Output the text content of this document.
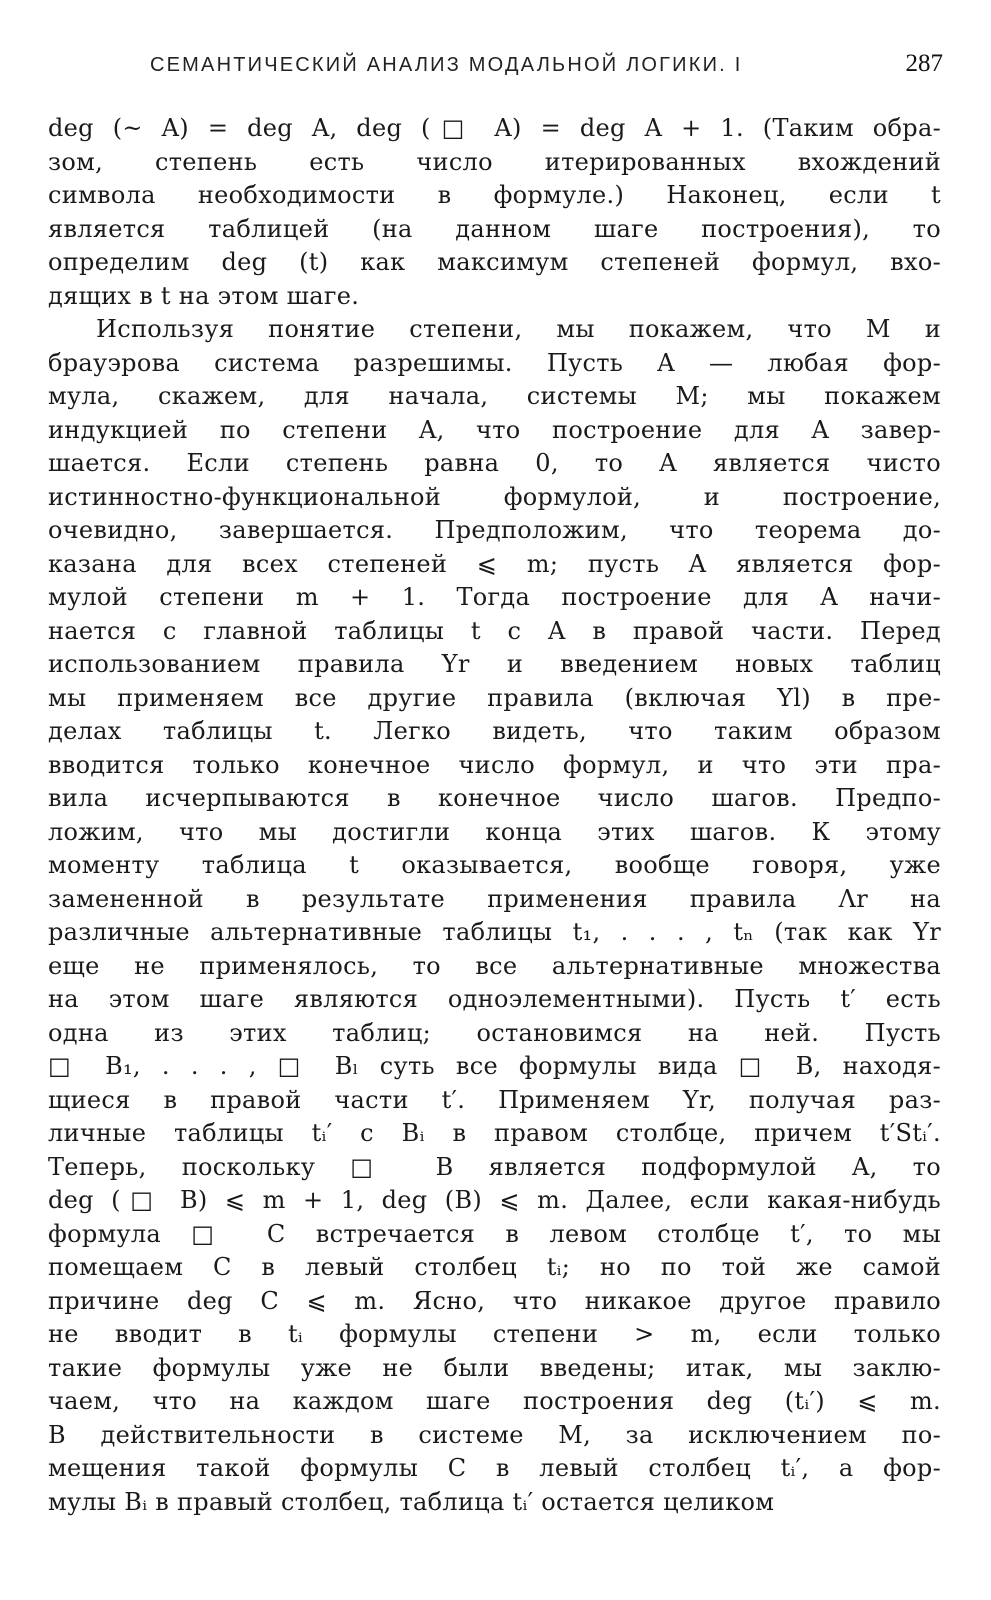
СЕМАНТИЧЕСКИЙ АНАЛИЗ МОДАЛЬНОЙ ЛОГИКИ. I	287
deg (~ A) = deg A, deg (□ A) = deg A + 1. (Таким обра-
зом, степень есть число итерированных вхождений
символа необходимости в формуле.) Наконец, если t
является таблицей (на данном шаге построения), то
определим deg (t) как максимум степеней формул, вхо-
дящих в t на этом шаге.
Используя понятие степени, мы покажем, что M и
брауэрова система разрешимы. Пусть A — любая фор-
мула, скажем, для начала, системы M; мы покажем
индукцией по степени A, что построение для A завер-
шается. Если степень равна 0, то A является чисто
истинностно-функциональной формулой, и построение,
очевидно, завершается. Предположим, что теорема до-
казана для всех степеней ⩽ m; пусть A является фор-
мулой степени m + 1. Тогда построение для A начи-
нается с главной таблицы t с A в правой части. Перед
использованием правила Yr и введением новых таблиц
мы применяем все другие правила (включая Yl) в пре-
делах таблицы t. Легко видеть, что таким образом
вводится только конечное число формул, и что эти пра-
вила исчерпываются в конечное число шагов. Предпо-
ложим, что мы достигли конца этих шагов. К этому
моменту таблица t оказывается, вообще говоря, уже
замененной в результате применения правила Λr на
различные альтернативные таблицы t₁, . . . , tₙ (так как Yr
еще не применялось, то все альтернативные множества
на этом шаге являются одноэлементными). Пусть t′ есть
одна из этих таблиц; остановимся на ней. Пусть
□ B₁, . . . , □ Bₗ суть все формулы вида □ B, находя-
щиеся в правой части t′. Применяем Yr, получая раз-
личные таблицы tᵢ′ с Bᵢ в правом столбце, причем t′Stᵢ′.
Теперь, поскольку □ B является подформулой A, то
deg (□ B) ⩽ m + 1, deg (B) ⩽ m. Далее, если какая-нибудь
формула □ C встречается в левом столбце t′, то мы
помещаем C в левый столбец tᵢ; но по той же самой
причине deg C ⩽ m. Ясно, что никакое другое правило
не вводит в tᵢ формулы степени > m, если только
такие формулы уже не были введены; итак, мы заклю-
чаем, что на каждом шаге построения deg (tᵢ′) ⩽ m.
В действительности в системе M, за исключением по-
мещения такой формулы C в левый столбец tᵢ′, а фор-
мулы Bᵢ в правый столбец, таблица tᵢ′ остается целиком
